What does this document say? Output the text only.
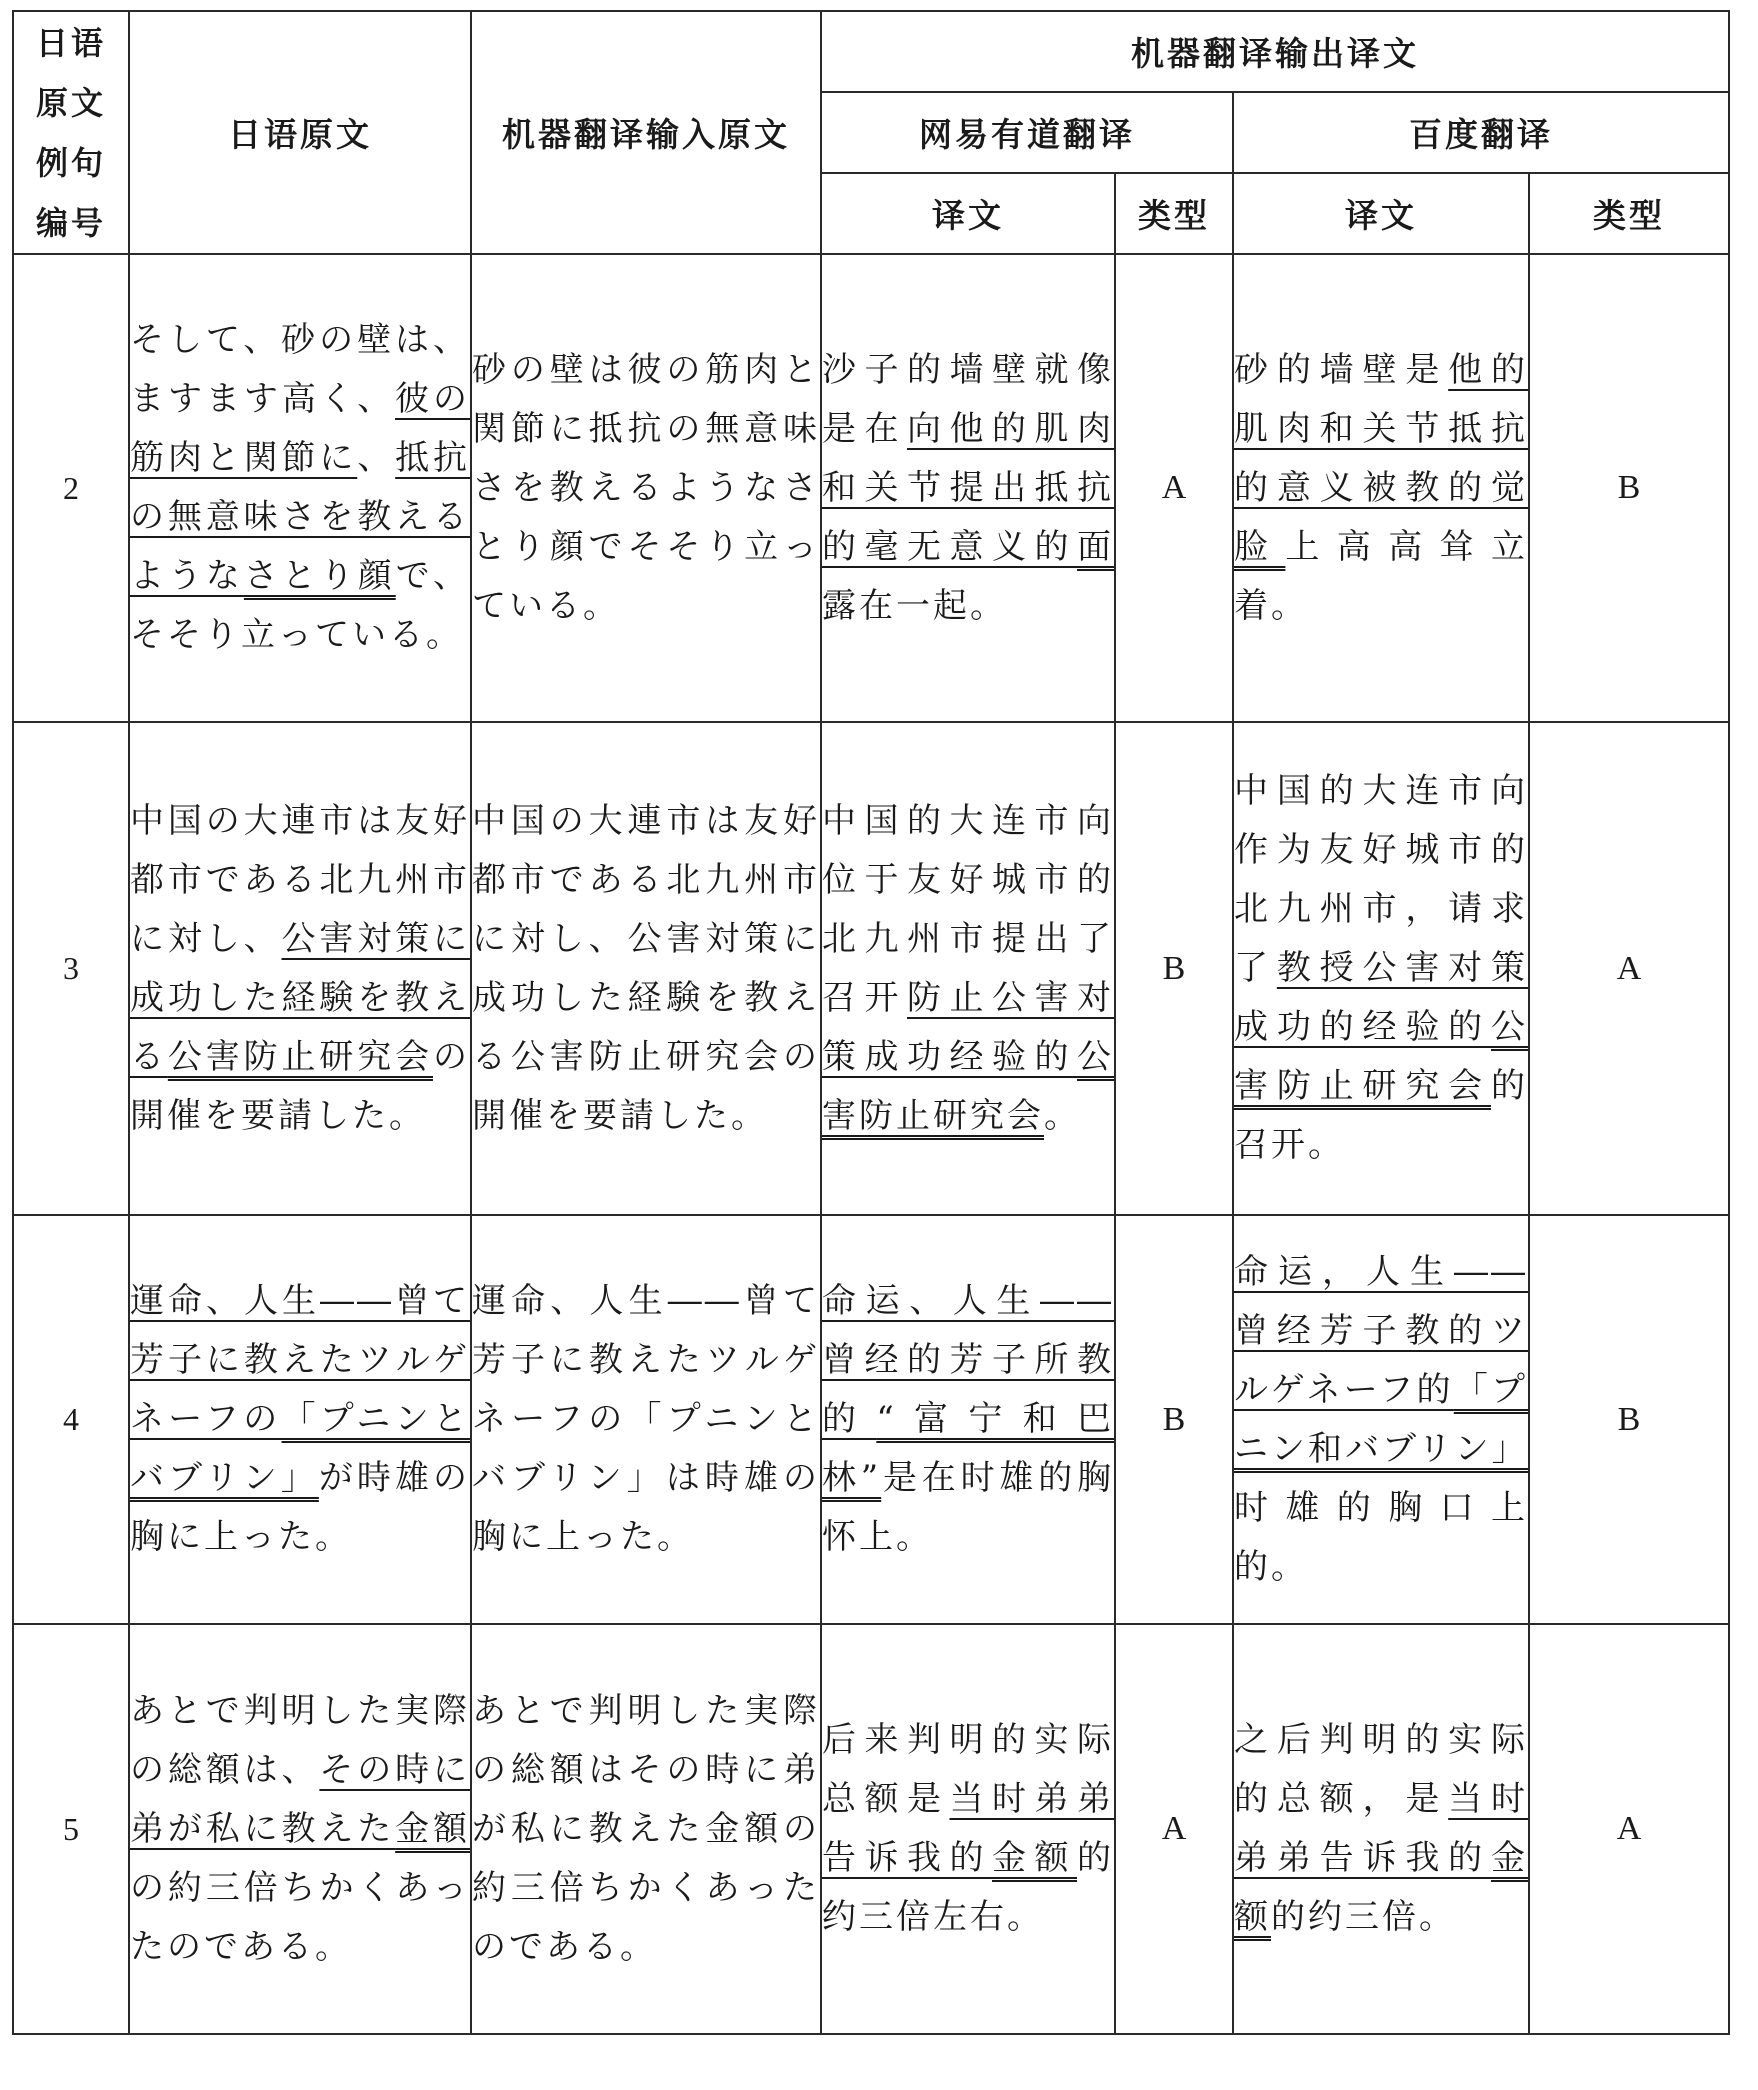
日语
原文
例句
编号	日语原文	机器翻译输入原文	机器翻译输出译文			
			网易有道翻译		百度翻译	
			译文	类型	译文	类型
2	そして、砂の壁は、ますます高く、彼の筋肉と関節に、抵抗の無意味さを教えるようなさとり顔で、そそり立っている。	砂の壁は彼の筋肉と関節に抵抗の無意味さを教えるようなさとり顔でそそり立っている。	沙子的墙壁就像是在向他的肌肉和关节提出抵抗的毫无意义的面露在一起。	A	砂的墙壁是他的肌肉和关节抵抗的意义被教的觉脸上高高耸立着。	B
3	中国の大連市は友好都市である北九州市に対し、公害対策に成功した経験を教える公害防止研究会の開催を要請した。	中国の大連市は友好都市である北九州市に対し、公害対策に成功した経験を教える公害防止研究会の開催を要請した。	中国的大连市向位于友好城市的北九州市提出了召开防止公害对策成功经验的公害防止研究会。	B	中国的大连市向作为友好城市的北九州市，请求了教授公害对策成功的经验的公害防止研究会的召开。	A
4	運命、人生――曾て芳子に教えたツルゲネーフの「プニンとバブリン」が時雄の胸に上った。	運命、人生――曾て芳子に教えたツルゲネーフの「プニンとバブリン」は時雄の胸に上った。	命运、人生――曾经的芳子所教的“富宁和巴林”是在时雄的胸怀上。	B	命运，人生――曾经芳子教的ツルゲネーフ的「プニン和バブリン」时雄的胸口上的。	B
5	あとで判明した実際の総額は、その時に弟が私に教えた金額の約三倍ちかくあったのである。	あとで判明した実際の総額はその時に弟が私に教えた金額の約三倍ちかくあったのである。	后来判明的实际总额是当时弟弟告诉我的金额的约三倍左右。	A	之后判明的实际的总额，是当时弟弟告诉我的金额的约三倍。	A
